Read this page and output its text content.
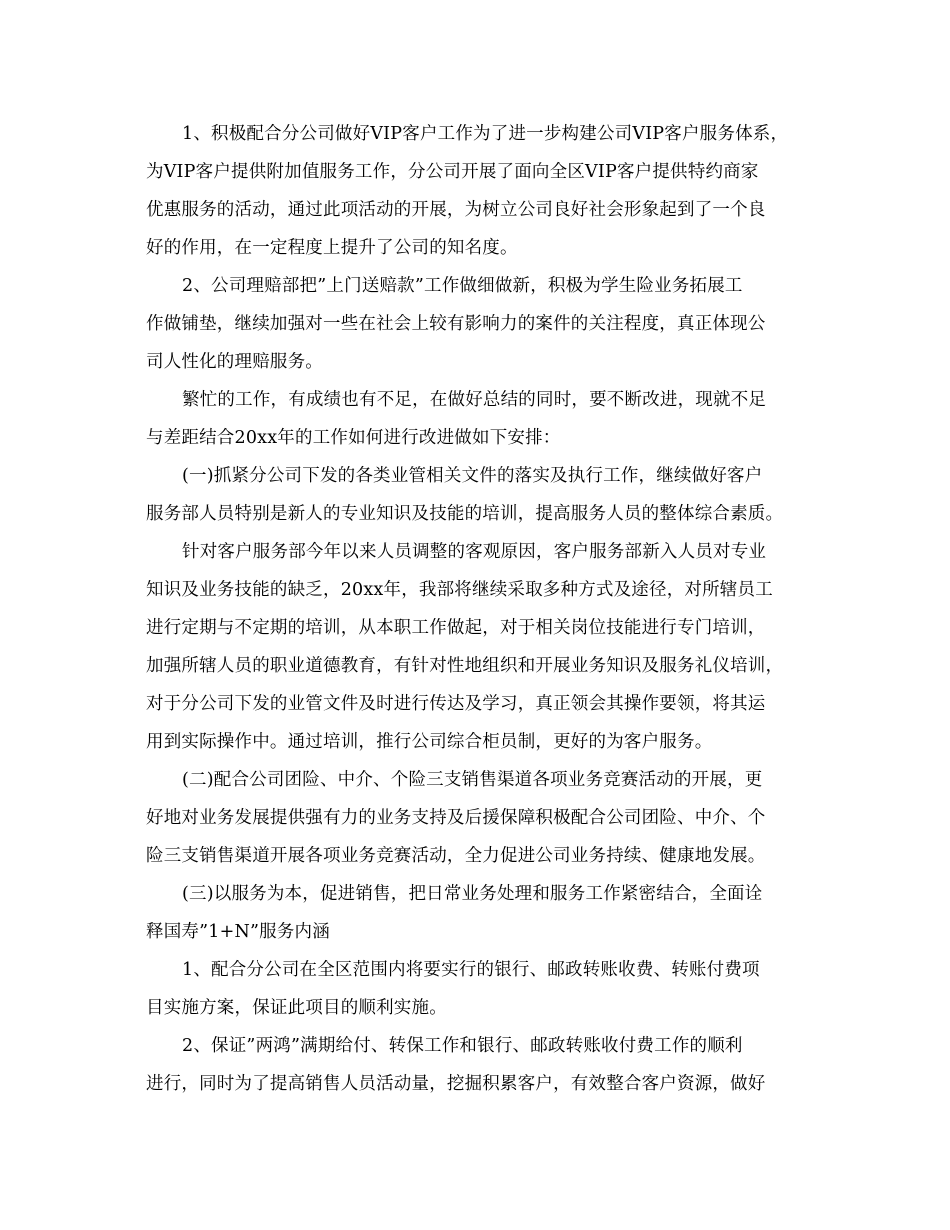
1、积极配合分公司做好VIP客户工作为了进一步构建公司VIP客户服务体系，
为VIP客户提供附加值服务工作，分公司开展了面向全区VIP客户提供特约商家
优惠服务的活动，通过此项活动的开展，为树立公司良好社会形象起到了一个良
好的作用，在一定程度上提升了公司的知名度。
2、公司理赔部把”上门送赔款”工作做细做新，积极为学生险业务拓展工
作做铺垫，继续加强对一些在社会上较有影响力的案件的关注程度，真正体现公
司人性化的理赔服务。
繁忙的工作，有成绩也有不足，在做好总结的同时，要不断改进，现就不足
与差距结合20xx年的工作如何进行改进做如下安排：
(一)抓紧分公司下发的各类业管相关文件的落实及执行工作，继续做好客户
服务部人员特别是新人的专业知识及技能的培训，提高服务人员的整体综合素质。
针对客户服务部今年以来人员调整的客观原因，客户服务部新入人员对专业
知识及业务技能的缺乏，20xx年，我部将继续采取多种方式及途径，对所辖员工
进行定期与不定期的培训，从本职工作做起，对于相关岗位技能进行专门培训，
加强所辖人员的职业道德教育，有针对性地组织和开展业务知识及服务礼仪培训，
对于分公司下发的业管文件及时进行传达及学习，真正领会其操作要领，将其运
用到实际操作中。通过培训，推行公司综合柜员制，更好的为客户服务。
(二)配合公司团险、中介、个险三支销售渠道各项业务竞赛活动的开展，更
好地对业务发展提供强有力的业务支持及后援保障积极配合公司团险、中介、个
险三支销售渠道开展各项业务竞赛活动，全力促进公司业务持续、健康地发展。
(三)以服务为本，促进销售，把日常业务处理和服务工作紧密结合，全面诠
释国寿”1+N”服务内涵
1、配合分公司在全区范围内将要实行的银行、邮政转账收费、转账付费项
目实施方案，保证此项目的顺利实施。
2、保证”两鸿”满期给付、转保工作和银行、邮政转账收付费工作的顺利
进行，同时为了提高销售人员活动量，挖掘积累客户，有效整合客户资源，做好
